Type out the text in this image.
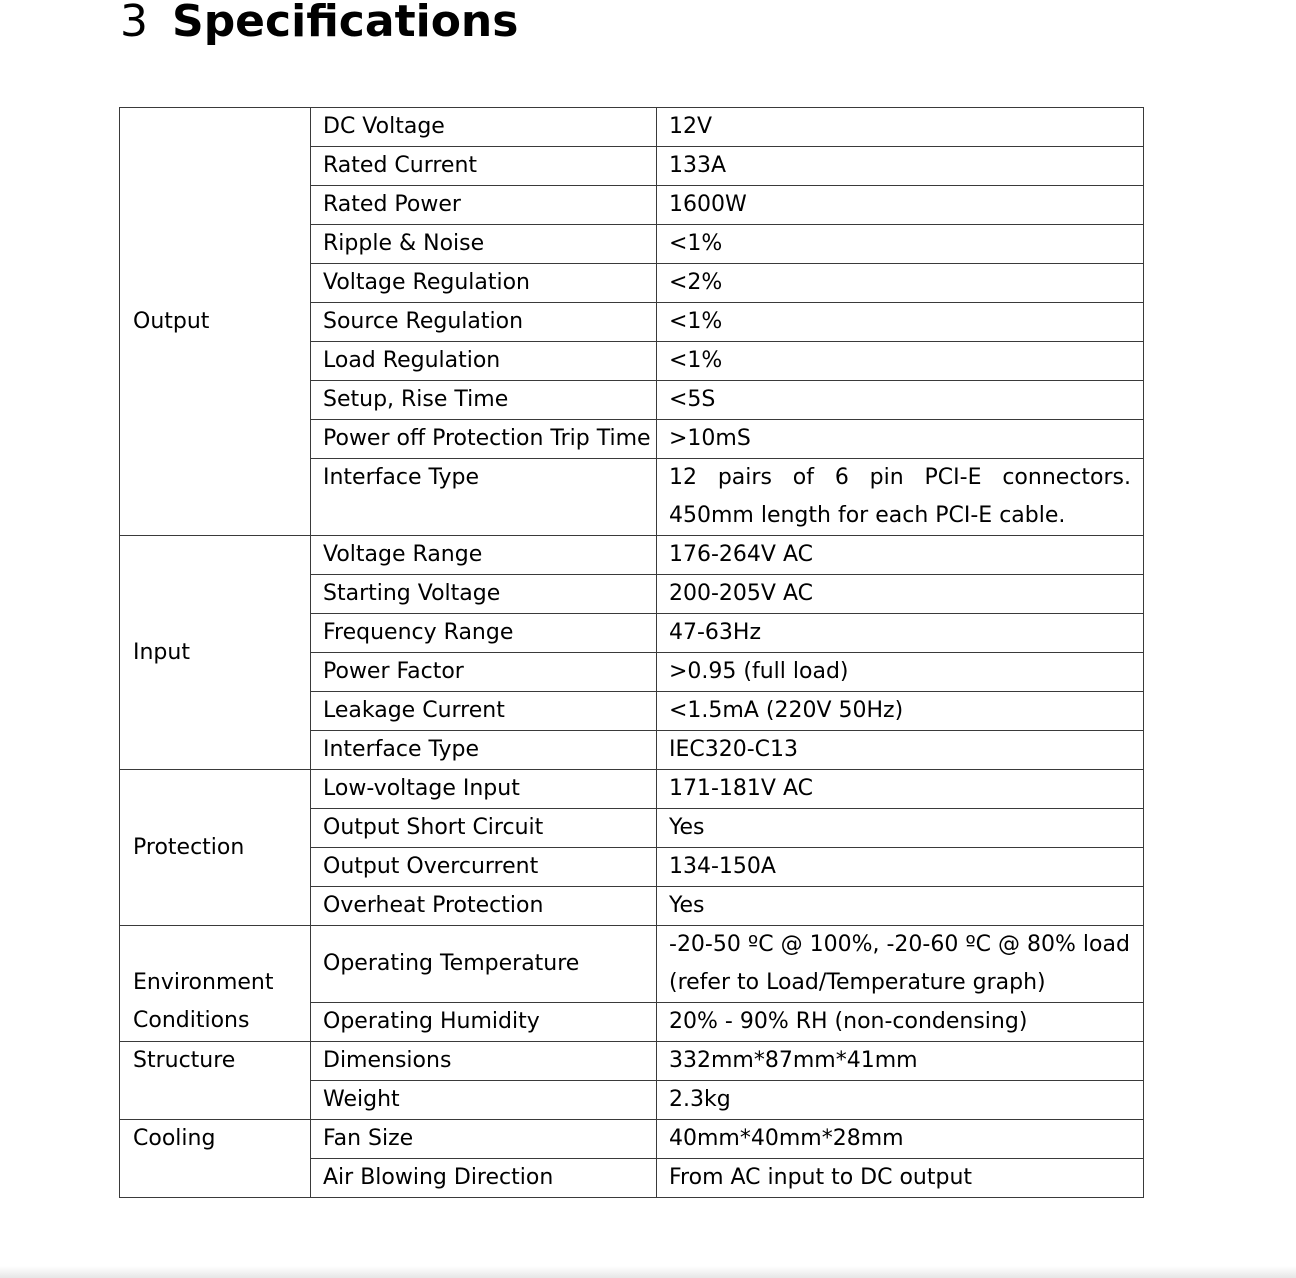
3 Specifications
Output	DC Voltage	12V
	Rated Current	133A
	Rated Power	1600W
	Ripple & Noise	<1%
	Voltage Regulation	<2%
	Source Regulation	<1%
	Load Regulation	<1%
	Setup, Rise Time	<5S
	Power off Protection Trip Time	>10mS
	Interface Type	12 pairs of 6 pin PCI-E connectors. 450mm length for each PCI-E cable.
Input	Voltage Range	176-264V AC
	Starting Voltage	200-205V AC
	Frequency Range	47-63Hz
	Power Factor	>0.95 (full load)
	Leakage Current	<1.5mA (220V 50Hz)
	Interface Type	IEC320-C13
Protection	Low-voltage Input	171-181V AC
	Output Short Circuit	Yes
	Output Overcurrent	134-150A
	Overheat Protection	Yes
Environment Conditions	Operating Temperature	-20-50 ºC @ 100%, -20-60 ºC @ 80% load (refer to Load/Temperature graph)
	Operating Humidity	20% - 90% RH (non-condensing)
Structure	Dimensions	332mm*87mm*41mm
	Weight	2.3kg
Cooling	Fan Size	40mm*40mm*28mm
	Air Blowing Direction	From AC input to DC output
